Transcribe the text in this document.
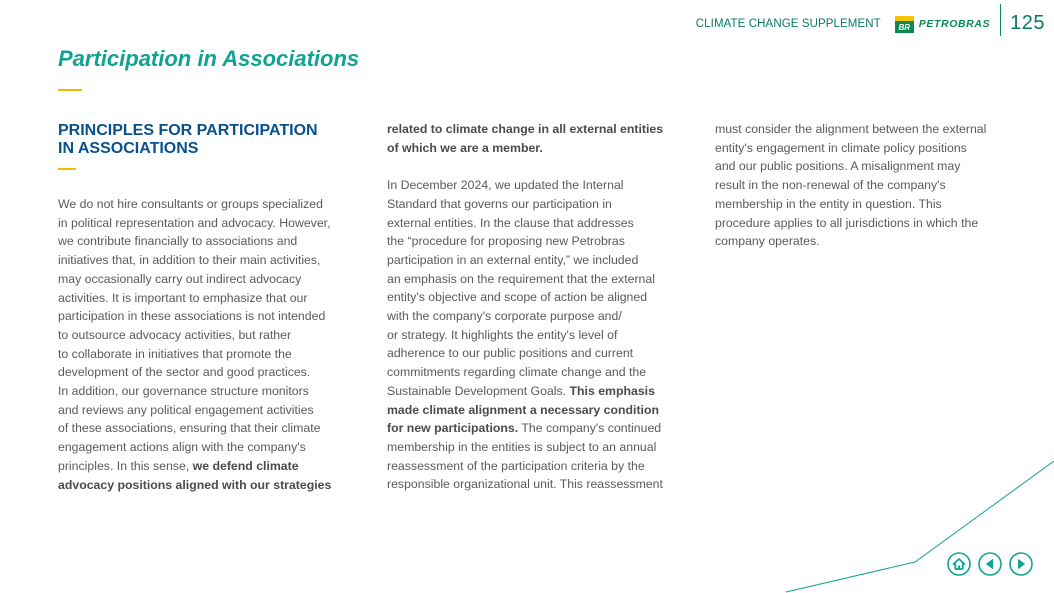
CLIMATE CHANGE SUPPLEMENT	BR PETROBRAS 125
Participation in Associations
PRINCIPLES FOR PARTICIPATION
IN ASSOCIATIONS

We do not hire consultants or groups specialized
in political representation and advocacy. However,
we contribute financially to associations and
initiatives that, in addition to their main activities,
may occasionally carry out indirect advocacy
activities. It is important to emphasize that our
participation in these associations is not intended
to outsource advocacy activities, but rather
to collaborate in initiatives that promote the
development of the sector and good practices.
In addition, our governance structure monitors
and reviews any political engagement activities
of these associations, ensuring that their climate
engagement actions align with the company's
principles. In this sense, we defend climate
advocacy positions aligned with our strategies

related to climate change in all external entities
of which we are a member.

In December 2024, we updated the Internal
Standard that governs our participation in
external entities. In the clause that addresses
the “procedure for proposing new Petrobras
participation in an external entity,” we included
an emphasis on the requirement that the external
entity's objective and scope of action be aligned
with the company's corporate purpose and/
or strategy. It highlights the entity's level of
adherence to our public positions and current
commitments regarding climate change and the
Sustainable Development Goals. This emphasis
made climate alignment a necessary condition
for new participations. The company's continued
membership in the entities is subject to an annual
reassessment of the participation criteria by the
responsible organizational unit. This reassessment

must consider the alignment between the external
entity's engagement in climate policy positions
and our public positions. A misalignment may
result in the non-renewal of the company's
membership in the entity in question. This
procedure applies to all jurisdictions in which the
company operates.
